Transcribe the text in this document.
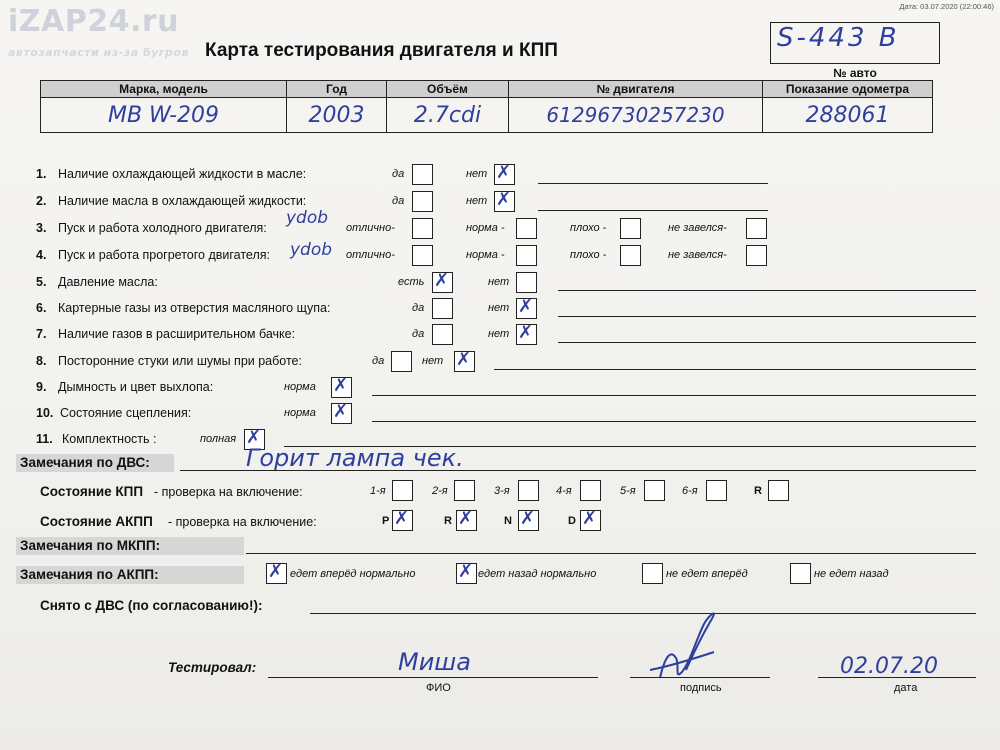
iZAP24.ru
автозапчасти из-за бугров
Дата: 03.07.2020 (22:00:46)
Карта тестирования двигателя и КПП	S-443 B
№ авто
Марка, модель	Год	Объём	№ двигателя	Показание одометра
MB W-209	2003	2.7cdi	61296730257230	288061
1. Наличие охлаждающей жидкости в масле:	да	нет ✗
2. Наличие масла в охлаждающей жидкости:	да	нет ✗
3. Пуск и работа холодного двигателя: ydob отлично-	норма -	плохо -	не завелся-
4. Пуск и работа прогретого двигателя: ydob отлично-	норма -	плохо -	не завелся-
5. Давление масла:	есть ✗	нет
6. Картерные газы из отверстия масляного щупа:	да	нет ✗
7. Наличие газов в расширительном бачке:	да	нет ✗
8. Посторонние стуки или шумы при работе:	да	нет ✗
9. Дымность и цвет выхлопа:	норма ✗
10. Состояние сцепления:	норма ✗
11. Комплектность :	полная ✗
Замечания по ДВС:	Горит лампа чек.
Состояние КПП - проверка на включение:	1-я	2-я	3-я	4-я	5-я	6-я	R
Состояние АКПП - проверка на включение:	P ✗	R ✗	N ✗	D ✗
Замечания по МКПП:
Замечания по АКПП:	✗ едет вперёд нормально ✗ едет назад нормально	не едет вперёд	не едет назад
Снято с ДВС (по согласованию!):
Тестировал:	Миша
ФИО	подпись
02.07.20
дата
